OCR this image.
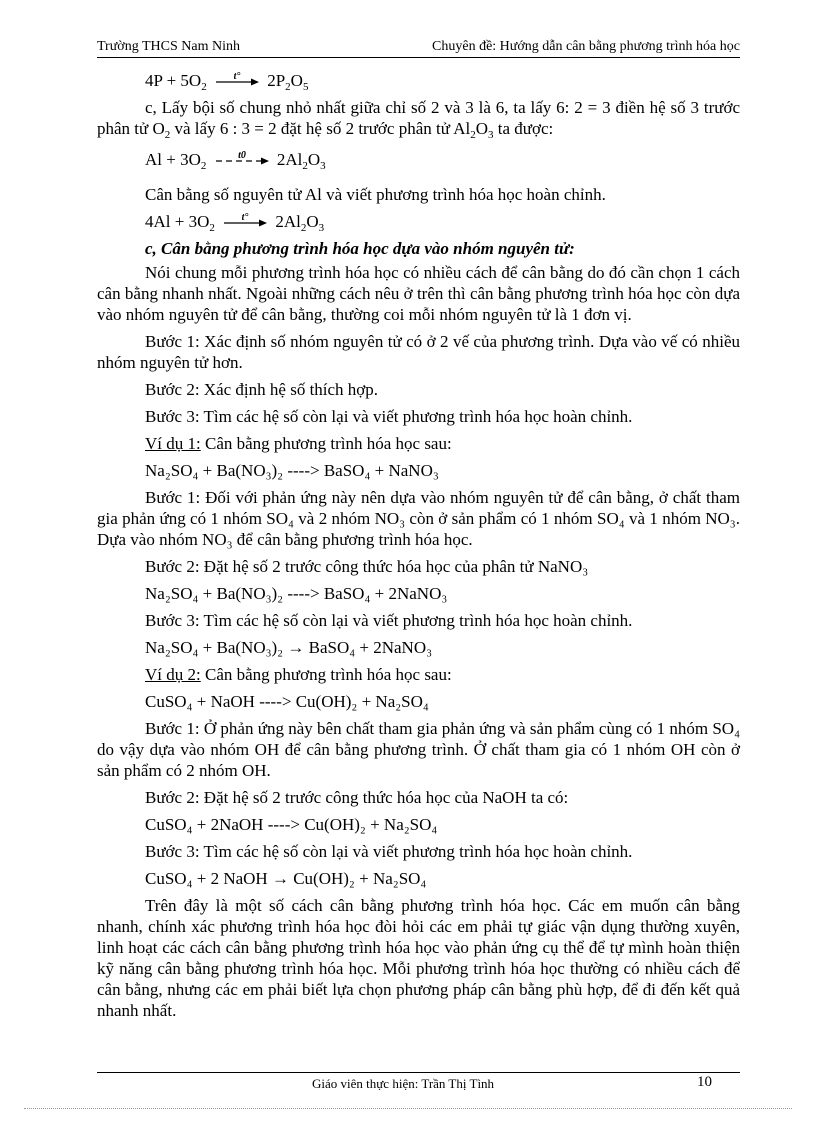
Trường THCS Nam Ninh	Chuyên đề: Hướng dẫn cân bằng phương trình hóa học

$4P + 5O_2$
t° $2P_2O_5$

c, Lấy bội số chung nhỏ nhất giữa chỉ số 2 và 3 là 6, ta lấy 6: 2 = 3 điền hệ số 3 trước phân tử $O_2$ và lấy 6 : 3 = 2 đặt hệ số 2 trước phân tử $Al_2O_3$ ta được:

$Al + 3O_2$
t0 $2Al_2O_3$

Cân bằng số nguyên tử Al và viết phương trình hóa học hoàn chỉnh.

$4Al + 3O_2$
t° $2Al_2O_3$

c, Cân bằng phương trình hóa học dựa vào nhóm nguyên tử:

Nói chung mỗi phương trình hóa học có nhiều cách để cân bằng do đó cần chọn 1 cách cân bằng nhanh nhất. Ngoài những cách nêu ở trên thì cân bằng phương trình hóa học còn dựa vào nhóm nguyên tử để cân bằng, thường coi mỗi nhóm nguyên tử là 1 đơn vị.

Bước 1: Xác định số nhóm nguyên tử có ở 2 vế của phương trình. Dựa vào vế có nhiều nhóm nguyên tử hơn.

Bước 2: Xác định hệ số thích hợp.

Bước 3: Tìm các hệ số còn lại và viết phương trình hóa học hoàn chỉnh.

Ví dụ 1: Cân bằng phương trình hóa học sau:

Na₂SO₄ + Ba(NO₃)₂ ----> BaSO₄ + NaNO₃

Bước 1: Đối với phản ứng này nên dựa vào nhóm nguyên tử để cân bằng, ở chất tham gia phản ứng có 1 nhóm SO₄ và 2 nhóm NO₃ còn ở sản phẩm có 1 nhóm SO₄ và 1 nhóm NO₃. Dựa vào nhóm NO₃ để cân bằng phương trình hóa học.

Bước 2: Đặt hệ số 2 trước công thức hóa học của phân tử NaNO₃

Na₂SO₄ + Ba(NO₃)₂ ----> BaSO₄ + 2NaNO₃

Bước 3: Tìm các hệ số còn lại và viết phương trình hóa học hoàn chỉnh.

Na₂SO₄ + Ba(NO₃)₂ → BaSO₄ + 2NaNO₃

Ví dụ 2: Cân bằng phương trình hóa học sau:

CuSO₄ + NaOH ----> Cu(OH)₂ + Na₂SO₄

Bước 1: Ở phản ứng này bên chất tham gia phản ứng và sản phẩm cùng có 1 nhóm SO₄ do vậy dựa vào nhóm OH để cân bằng phương trình. Ở chất tham gia có 1 nhóm OH còn ở sản phẩm có 2 nhóm OH.

Bước 2: Đặt hệ số 2 trước công thức hóa học của NaOH ta có:

CuSO₄ + 2NaOH ----> Cu(OH)₂ + Na₂SO₄

Bước 3: Tìm các hệ số còn lại và viết phương trình hóa học hoàn chỉnh.

CuSO₄ + 2 NaOH → Cu(OH)₂ + Na₂SO₄

Trên đây là một số cách cân bằng phương trình hóa học. Các em muốn cân bằng nhanh, chính xác phương trình hóa học đòi hỏi các em phải tự giác vận dụng thường xuyên, linh hoạt các cách cân bằng phương trình hóa học vào phản ứng cụ thể để tự mình hoàn thiện kỹ năng cân bằng phương trình hóa học. Mỗi phương trình hóa học thường có nhiều cách để cân bằng, nhưng các em phải biết lựa chọn phương pháp cân bằng phù hợp, để đi đến kết quả nhanh nhất.

Giáo viên thực hiện: Trần Thị Tình	10
